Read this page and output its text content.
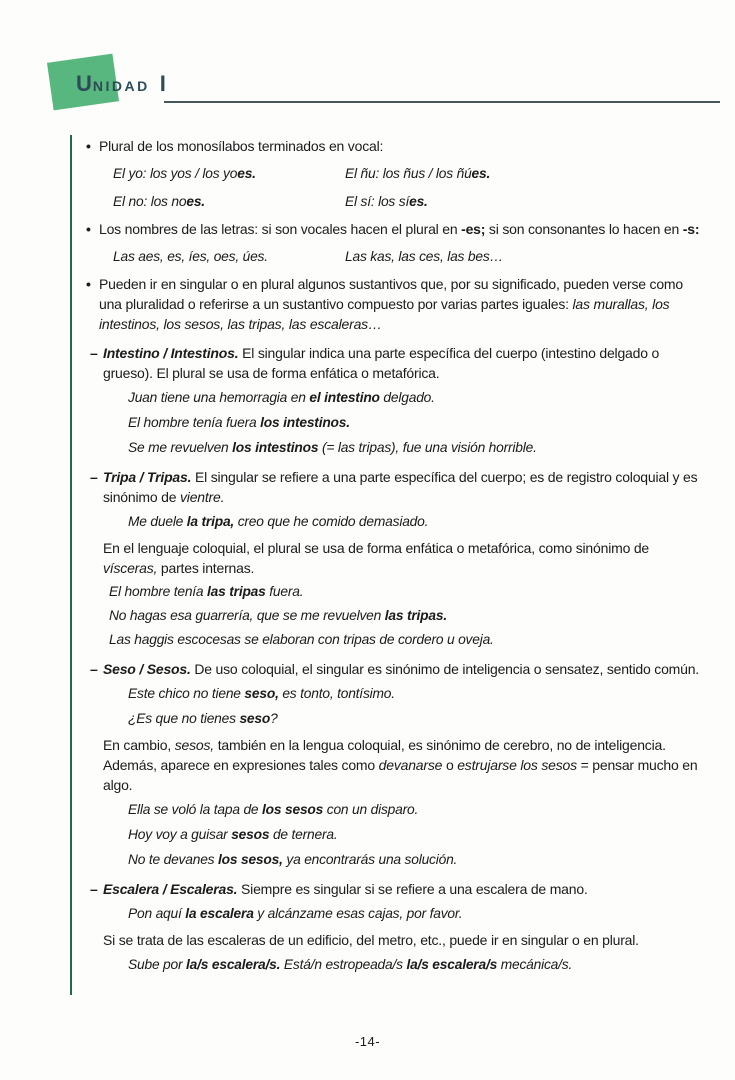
UNIDAD I
• Plural de los monosílabos terminados en vocal:
El yo: los yos / los yoes.	El ñu: los ñus / los ñúes.
El no: los noes.	El sí: los síes.
• Los nombres de las letras: si son vocales hacen el plural en -es; si son consonantes lo hacen en -s:
Las aes, es, íes, oes, úes.	Las kas, las ces, las bes…
• Pueden ir en singular o en plural algunos sustantivos que, por su significado, pueden verse como una pluralidad o referirse a un sustantivo compuesto por varias partes iguales: las murallas, los intestinos, los sesos, las tripas, las escaleras…
– Intestino / Intestinos. El singular indica una parte específica del cuerpo (intestino delgado o grueso). El plural se usa de forma enfática o metafórica.
Juan tiene una hemorragia en el intestino delgado.
El hombre tenía fuera los intestinos.
Se me revuelven los intestinos (= las tripas), fue una visión horrible.
– Tripa / Tripas. El singular se refiere a una parte específica del cuerpo; es de registro coloquial y es sinónimo de vientre.
Me duele la tripa, creo que he comido demasiado.
En el lenguaje coloquial, el plural se usa de forma enfática o metafórica, como sinónimo de vísceras, partes internas.
El hombre tenía las tripas fuera.
No hagas esa guarrería, que se me revuelven las tripas.
Las haggis escocesas se elaboran con tripas de cordero u oveja.
– Seso / Sesos. De uso coloquial, el singular es sinónimo de inteligencia o sensatez, sentido común.
Este chico no tiene seso, es tonto, tontísimo.
¿Es que no tienes seso?
En cambio, sesos, también en la lengua coloquial, es sinónimo de cerebro, no de inteligencia. Además, aparece en expresiones tales como devanarse o estrujarse los sesos = pensar mucho en algo.
Ella se voló la tapa de los sesos con un disparo.
Hoy voy a guisar sesos de ternera.
No te devanes los sesos, ya encontrarás una solución.
– Escalera / Escaleras. Siempre es singular si se refiere a una escalera de mano.
Pon aquí la escalera y alcánzame esas cajas, por favor.
Si se trata de las escaleras de un edificio, del metro, etc., puede ir en singular o en plural.
Sube por la/s escalera/s. Está/n estropeada/s la/s escalera/s mecánica/s.
-14-
